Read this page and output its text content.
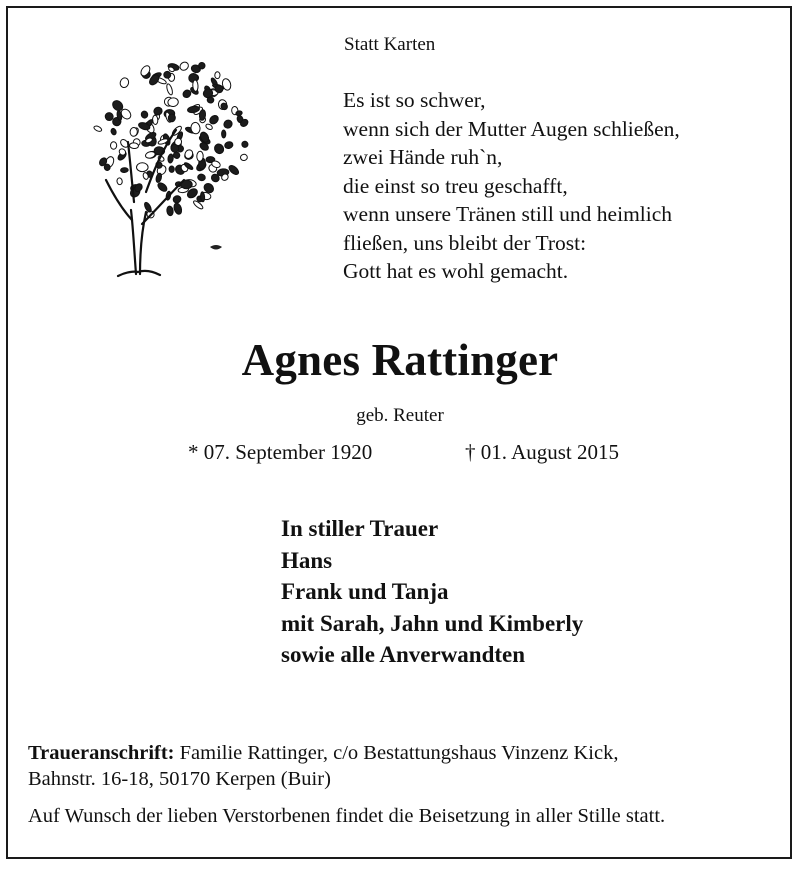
Statt Karten
Es ist so schwer,
wenn sich der Mutter Augen schließen,
zwei Hände ruh`n,
die einst so treu geschafft,
wenn unsere Tränen still und heimlich
fließen, uns bleibt der Trost:
Gott hat es wohl gemacht.
Agnes Rattinger
geb. Reuter
* 07. September 1920	† 01. August 2015
In stiller Trauer
Hans
Frank und Tanja
mit Sarah, Jahn und Kimberly
sowie alle Anverwandten
Traueranschrift: Familie Rattinger, c/o Bestattungshaus Vinzenz Kick,
Bahnstr. 16-18, 50170 Kerpen (Buir)
Auf Wunsch der lieben Verstorbenen findet die Beisetzung in aller Stille statt.
